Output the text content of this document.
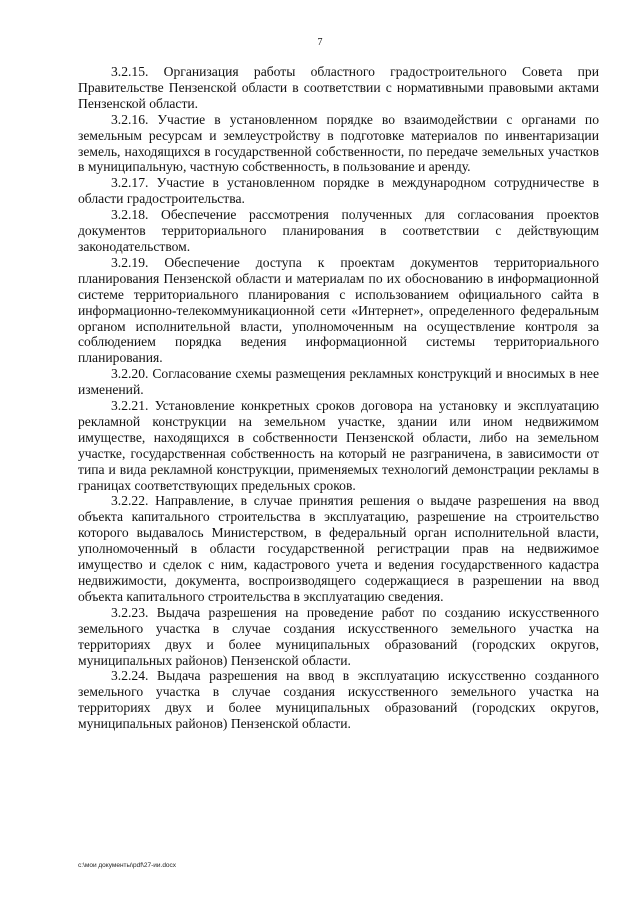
7

3.2.15. Организация работы областного градостроительного Совета при Правительстве Пензенской области в соответствии с нормативными правовыми актами Пензенской области.

3.2.16. Участие в установленном порядке во взаимодействии с органами по земельным ресурсам и землеустройству в подготовке материалов по инвентаризации земель, находящихся в государственной собственности, по передаче земельных участков в муниципальную, частную собственность, в пользование и аренду.

3.2.17. Участие в установленном порядке в международном сотрудничестве в области градостроительства.

3.2.18. Обеспечение рассмотрения полученных для согласования проектов документов территориального планирования в соответствии с действующим законодательством.

3.2.19. Обеспечение доступа к проектам документов территориального планирования Пензенской области и материалам по их обоснованию в информационной системе территориального планирования с использованием официального сайта в информационно-телекоммуникационной сети «Интернет», определенного федеральным органом исполнительной власти, уполномоченным на осуществление контроля за соблюдением порядка ведения информационной системы территориального планирования.

3.2.20. Согласование схемы размещения рекламных конструкций и вносимых в нее изменений.

3.2.21. Установление конкретных сроков договора на установку и эксплуатацию рекламной конструкции на земельном участке, здании или ином недвижимом имуществе, находящихся в собственности Пензенской области, либо на земельном участке, государственная собственность на который не разграничена, в зависимости от типа и вида рекламной конструкции, применяемых технологий демонстрации рекламы в границах соответствующих предельных сроков.

3.2.22. Направление, в случае принятия решения о выдаче разрешения на ввод объекта капитального строительства в эксплуатацию, разрешение на строительство которого выдавалось Министерством, в федеральный орган исполнительной власти, уполномоченный в области государственной регистрации прав на недвижимое имущество и сделок с ним, кадастрового учета и ведения государственного кадастра недвижимости, документа, воспроизводящего содержащиеся в разрешении на ввод объекта капитального строительства в эксплуатацию сведения.

3.2.23. Выдача разрешения на проведение работ по созданию искусственного земельного участка в случае создания искусственного земельного участка на территориях двух и более муниципальных образований (городских округов, муниципальных районов) Пензенской области.

3.2.24. Выдача разрешения на ввод в эксплуатацию искусственно созданного земельного участка в случае создания искусственного земельного участка на территориях двух и более муниципальных образований (городских округов, муниципальных районов) Пензенской области.

c:\мои документы\pdf\27-ии.docx
